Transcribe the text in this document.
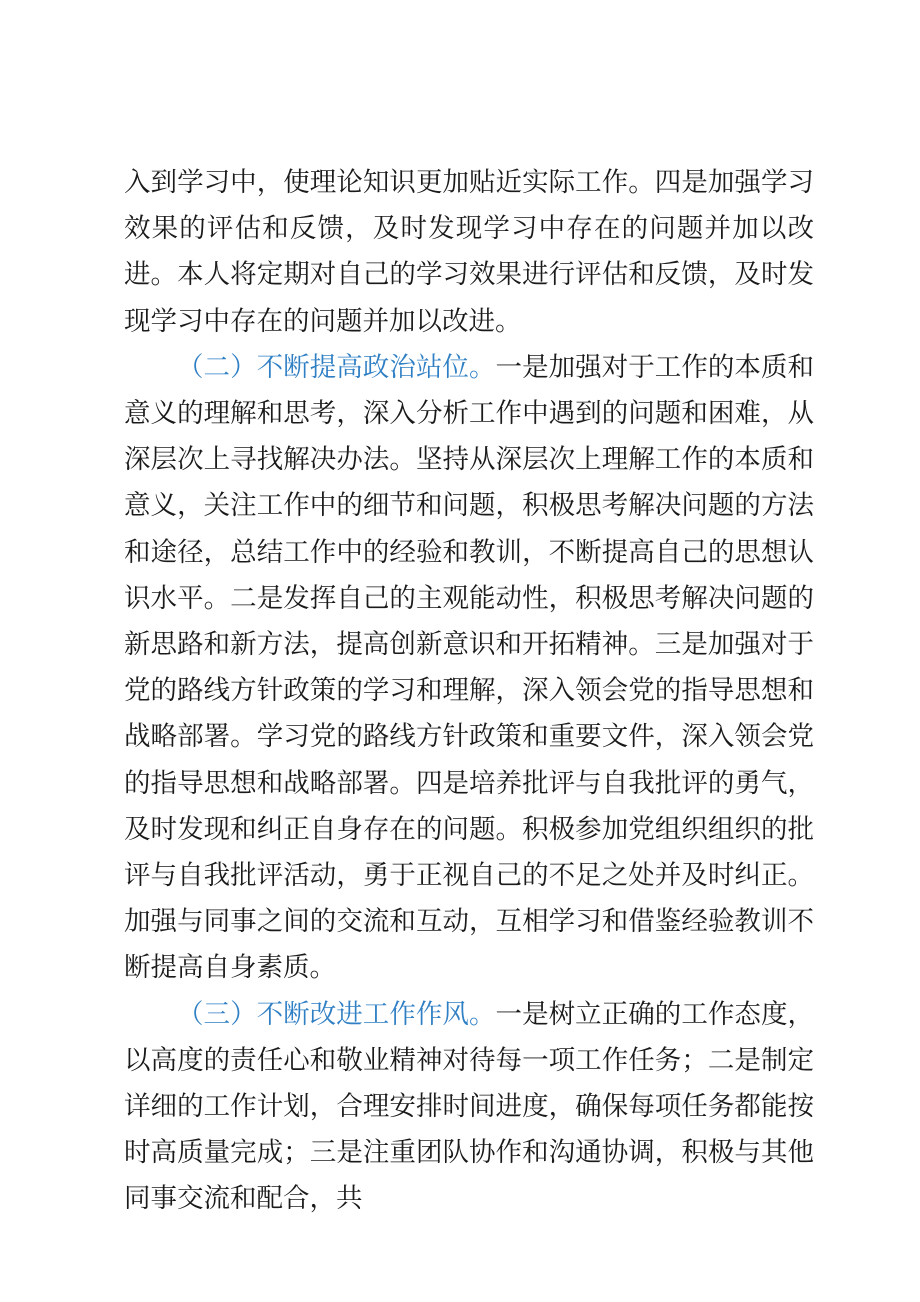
入到学习中，使理论知识更加贴近实际工作。四是加强学习效果的评估和反馈，及时发现学习中存在的问题并加以改进。本人将定期对自己的学习效果进行评估和反馈，及时发现学习中存在的问题并加以改进。

（二）不断提高政治站位。一是加强对于工作的本质和意义的理解和思考，深入分析工作中遇到的问题和困难，从深层次上寻找解决办法。坚持从深层次上理解工作的本质和意义，关注工作中的细节和问题，积极思考解决问题的方法和途径，总结工作中的经验和教训，不断提高自己的思想认识水平。二是发挥自己的主观能动性，积极思考解决问题的新思路和新方法，提高创新意识和开拓精神。三是加强对于党的路线方针政策的学习和理解，深入领会党的指导思想和战略部署。学习党的路线方针政策和重要文件，深入领会党的指导思想和战略部署。四是培养批评与自我批评的勇气，及时发现和纠正自身存在的问题。积极参加党组织组织的批评与自我批评活动，勇于正视自己的不足之处并及时纠正。加强与同事之间的交流和互动，互相学习和借鉴经验教训不断提高自身素质。

（三）不断改进工作作风。一是树立正确的工作态度，以高度的责任心和敬业精神对待每一项工作任务；二是制定详细的工作计划，合理安排时间进度，确保每项任务都能按时高质量完成；三是注重团队协作和沟通协调，积极与其他同事交流和配合，共
